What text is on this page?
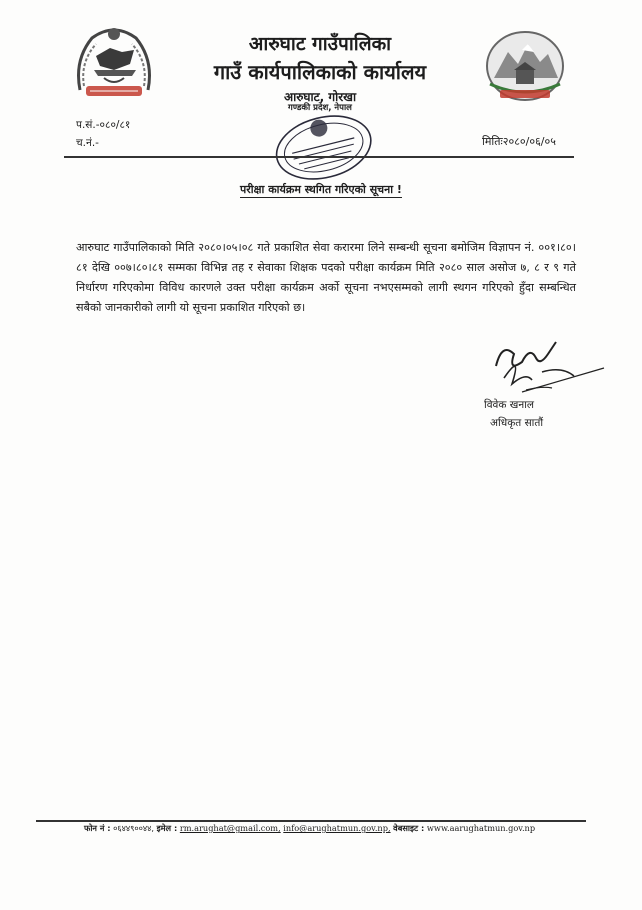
आरुघाट गाउँपालिका
गाउँ कार्यपालिकाको कार्यालय
आरुघाट, गोरखा
गण्डकी प्रदेश, नेपाल
प.सं.-०८०/८१
च.नं.-	मितिः२०८०/०६/०५
परीक्षा कार्यक्रम स्थगित गरिएको सूचना !
आरुघाट गाउँपालिकाको मिति २०८०।०५।०८ गते प्रकाशित सेवा करारमा लिने सम्बन्धी सूचना बमोजिम विज्ञापन नं. ००१।८०।८१ देखि ००७।८०।८१ सम्मका विभिन्न तह र सेवाका शिक्षक पदको परीक्षा कार्यक्रम मिति २०८० साल असोज ७, ८ र ९ गते निर्धारण गरिएकोमा विविध कारणले उक्त परीक्षा कार्यक्रम अर्को सूचना नभएसम्मको लागी स्थगन गरिएको हुँदा सम्बन्धित सबैको जानकारीको लागी यो सूचना प्रकाशित गरिएको छ।
विवेक खनाल
अधिकृत सातौं
फोन नं : ०६४४९००४४, इमेल : rm.arughat@gmail.com, info@arughatmun.gov.np, वेबसाइट : www.aarughatmun.gov.np
